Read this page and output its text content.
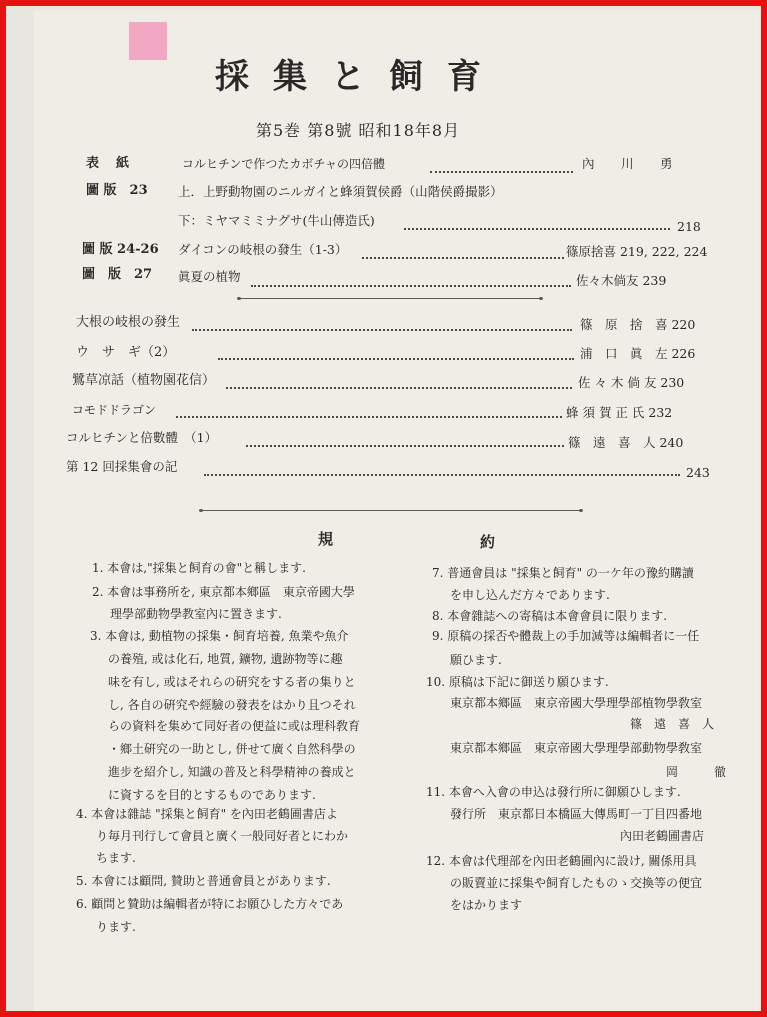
採集と飼育
第5巻 第8號 昭和18年8月
表　紙	コルヒチンで作つたカボチャの四倍體	內　川　勇
圖 版　23 上．上野動物園のニルガイと蜂須賀侯爵（山階侯爵撮影）
下：ミヤマミミナグサ(牛山傳造氏)	218
圖 版 24-26 ダイコンの岐根の發生（1-3）	篠原捨喜 219, 222, 224
圖　版　27 眞夏の植物	佐々木倘友 239
大根の岐根の發生	篠　原　捨　喜 220
ウ　サ　ギ（2）	浦　口　眞　左 226
鷺草凉話（植物園花信）	佐 々 木 倘 友 230
コモドドラゴン	蜂 須 賀 正 氏 232
コルヒチンと倍數體　（1）	篠　遠　喜　人 240
第 12 回採集會の記	243
規	約
1. 本會は,"採集と飼育の會"と稱します.
2. 本會は事務所を, 東京都本鄉區　東京帝國大學
理學部動物學教室內に置きます.
3. 本會は, 動植物の採集・飼育培養, 魚業や魚介
の養殖, 或は化石, 地質, 鑛物, 遺跡物等に趣
味を有し, 或はそれらの硏究をする者の集りと
し, 各自の硏究や經驗の發表をはかり且つそれ
らの資料を集めて同好者の便益に或は理科敎育
・鄉土硏究の一助とし, 併せて廣く自然科學の
進步を紹介し, 知識の普及と科學精神の養成と
に資するを目的とするものであります.
4. 本會は雜誌 "採集と飼育" を內田老鶴圃書店よ
り毎月刊行して會員と廣く一般同好者とにわか
ちます.
5. 本會には顧問, 贊助と普通會員とがあります.
6. 顧問と贊助は編輯者が特にお願ひした方々であ
ります.
7. 普通會員は "採集と飼育" の一ケ年の豫約購讀
を申し込んだ方々であります.
8. 本會雜誌への寄稿は本會會員に限ります.
9. 原稿の採否や體裁上の手加減等は編輯者に一任
願ひます.
10. 原稿は下記に御送り願ひます.
東京都本鄉區　東京帝國大學理學部植物學敎室
篠　遠　喜　人
東京都本鄉區　東京帝國大學理學部動物學敎室
岡　　　徹
11. 本會へ入會の申込は發行所に御願ひします.
發行所　東京都日本橋區大傳馬町一丁目四番地
內田老鶴圃書店
12. 本會は代理部を內田老鶴圃內に設け, 關係用具
の販賣並に採集や飼育したものゝ交換等の便宜
をはかります
